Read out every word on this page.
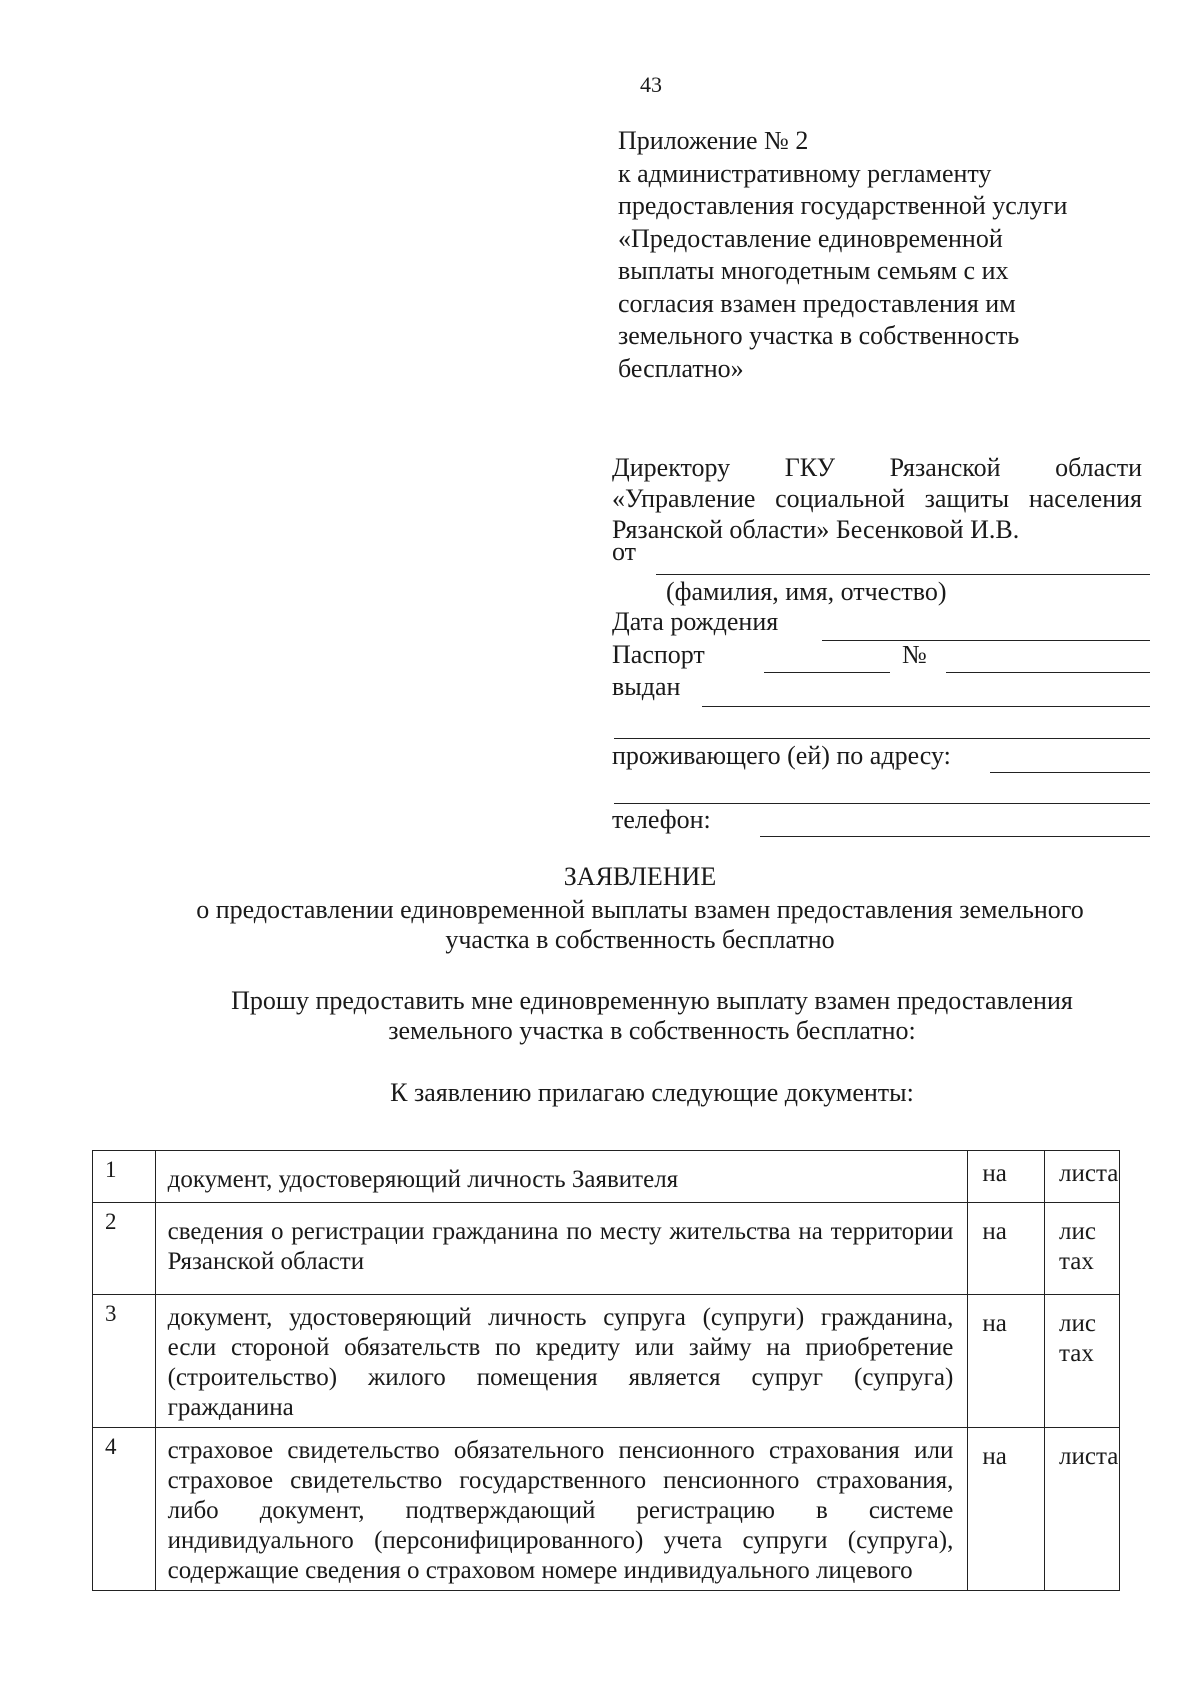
43
Приложение № 2
к административному регламенту
предоставления государственной услуги
«Предоставление единовременной
выплаты многодетным семьям с их
согласия взамен предоставления им
земельного участка в собственность
бесплатно»
Директору ГКУ Рязанской области
«Управление социальной защиты населения
Рязанской области» Бесенковой И.В.
от
(фамилия, имя, отчество)
Дата рождения
Паспорт	№
выдан
проживающего (ей) по адресу:
телефон:
ЗАЯВЛЕНИЕ
о предоставлении единовременной выплаты взамен предоставления земельного
участка в собственность бесплатно
Прошу предоставить мне единовременную выплату взамен предоставления
земельного участка в собственность бесплатно:
К заявлению прилагаю следующие документы:
1	документ, удостоверяющий личность Заявителя	на	листа
2	сведения о регистрации гражданина по месту жительства на территории Рязанской области	на	лис тах
3	документ, удостоверяющий личность супруга (супруги) гражданина, если стороной обязательств по кредиту или займу на приобретение (строительство) жилого помещения является супруг (супруга) гражданина	на	лис тах
4	страховое свидетельство обязательного пенсионного страхования или страховое свидетельство государственного пенсионного страхования, либо документ, подтверждающий регистрацию в системе индивидуального (персонифицированного) учета супруги (супруга), содержащие сведения о страховом номере индивидуального лицевого	на	листа
